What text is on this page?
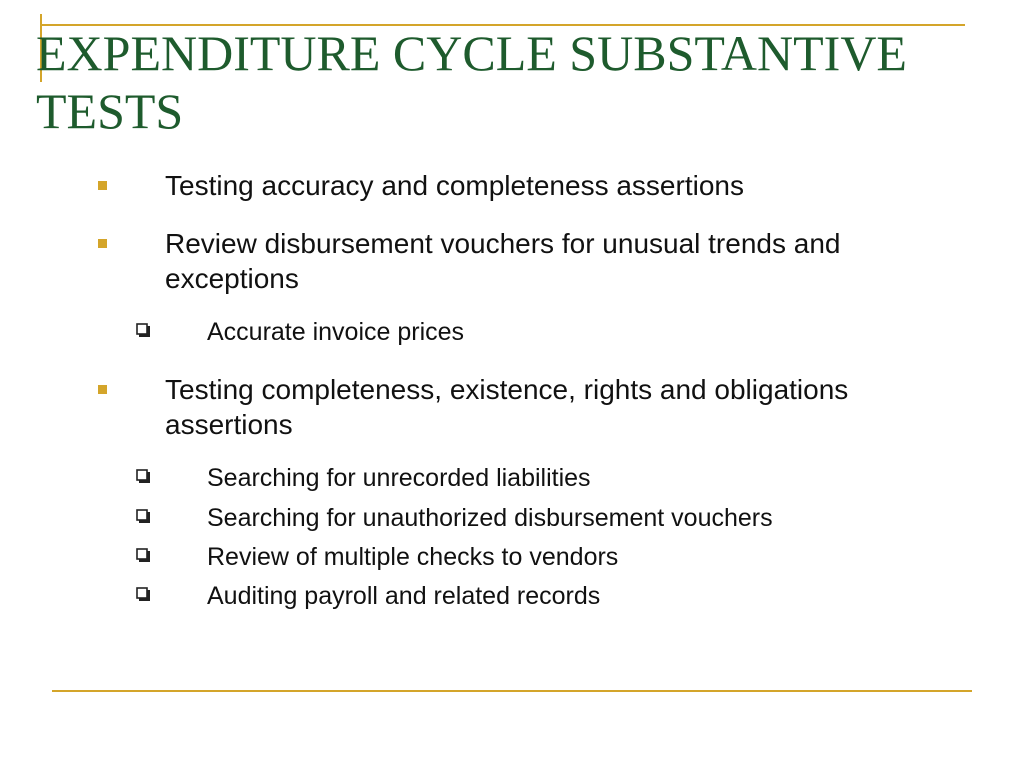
EXPENDITURE CYCLE SUBSTANTIVE TESTS
Testing accuracy and completeness assertions
Review disbursement vouchers for unusual trends and exceptions
Accurate invoice prices
Testing completeness, existence, rights and obligations assertions
Searching for unrecorded liabilities
Searching for unauthorized disbursement vouchers
Review of multiple checks to vendors
Auditing payroll and related records
